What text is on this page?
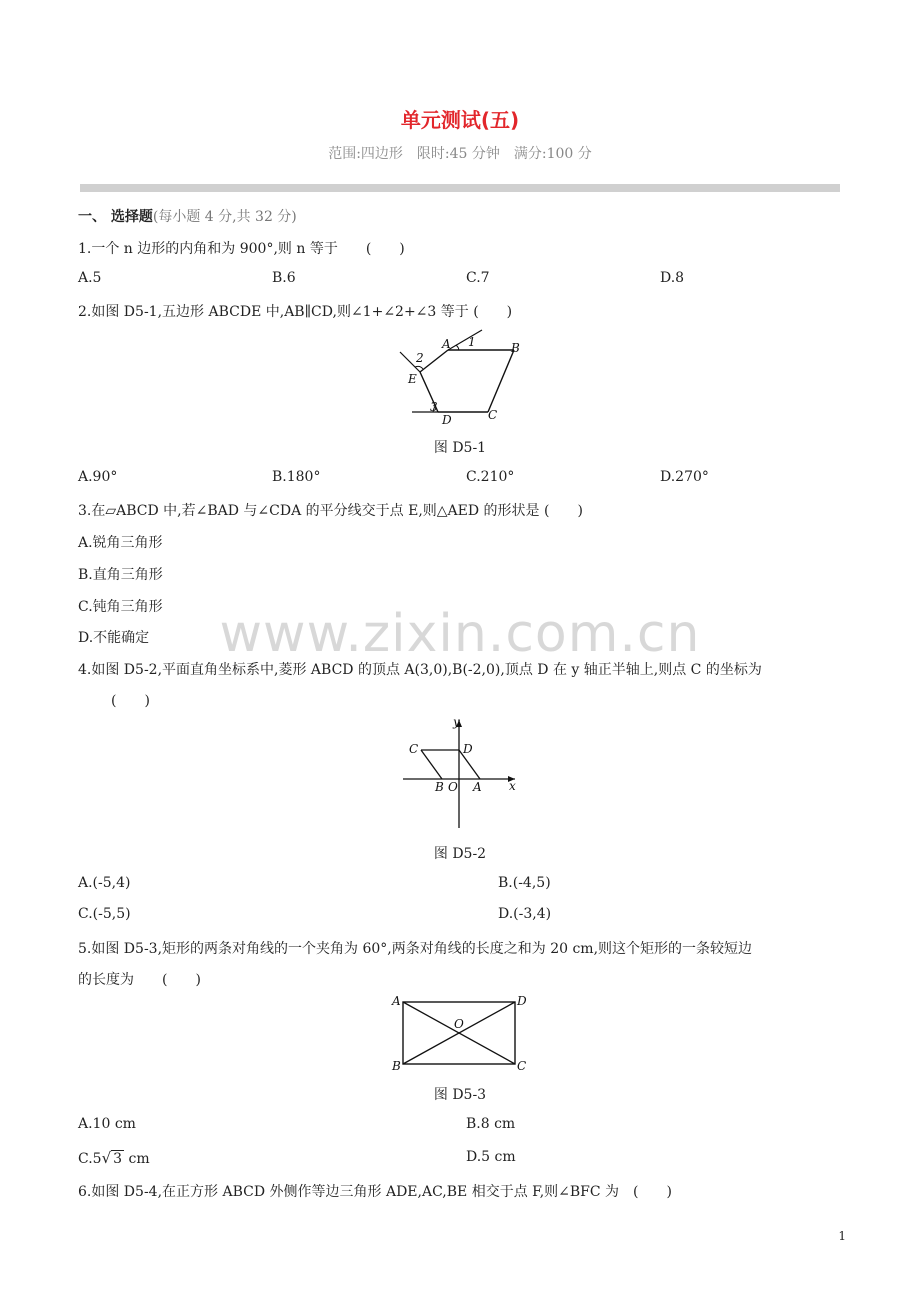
单元测试(五)
范围:四边形　限时:45 分钟　满分:100 分
www.zixin.com.cn
一、 选择题(每小题 4 分,共 32 分)
1.一个 n 边形的内角和为 900°,则 n 等于　　(　　)
A.5	B.6	C.7	D.8
2.如图 D5-1,五边形 ABCDE 中,AB∥CD,则∠1+∠2+∠3 等于 (　　)
A	B
C
D
E
1
2
3
图 D5-1
A.90°	B.180°	C.210°	D.270°
3.在▱ABCD 中,若∠BAD 与∠CDA 的平分线交于点 E,则△AED 的形状是 (　　)
A.锐角三角形
B.直角三角形
C.钝角三角形
D.不能确定
4.如图 D5-2,平面直角坐标系中,菱形 ABCD 的顶点 A(3,0),B(-2,0),顶点 D 在 y 轴正半轴上,则点 C 的坐标为
(　　)
y
x
C	D
B O A
图 D5-2
A.(-5,4)	B.(-4,5)
C.(-5,5)	D.(-3,4)
5.如图 D5-3,矩形的两条对角线的一个夹角为 60°,两条对角线的长度之和为 20 cm,则这个矩形的一条较短边
的长度为　　(　　)
A	D
O
B	C
图 D5-3
A.10 cm	B.8 cm
C.5√ 3 cm	D.5 cm
6.如图 D5-4,在正方形 ABCD 外侧作等边三角形 ADE,AC,BE 相交于点 F,则∠BFC 为　(　　)
1
